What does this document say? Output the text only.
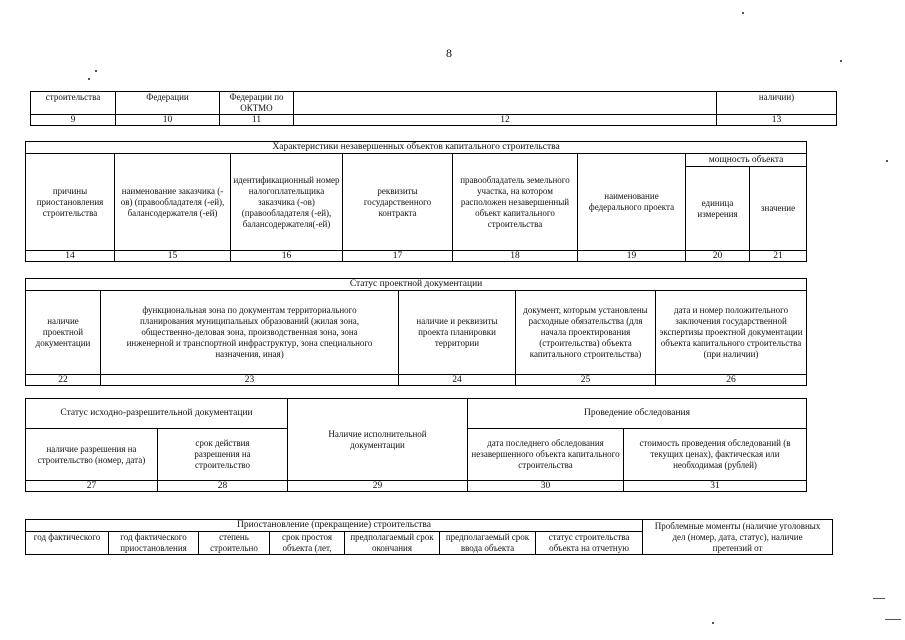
8
строительства	Федерации	Федерации по ОКТМО		наличии)
9	10	11	12	13
Характеристики незавершенных объектов капитального строительства							
причины приостановления строительства	наименование заказчика (-ов) (правообладателя (-ей), балансодержателя (-ей)	идентификационный номер налогоплательщика заказчика (-ов) (правообладателя (-ей), балансодержателя(-ей)	реквизиты государственного контракта	правообладатель земельного участка, на котором расположен незавершенный объект капитального строительства	наименование федерального проекта	мощность объекта	
						единица измерения	значение
14	15	16	17	18	19	20	21
Статус проектной документации				
наличие проектной документации	функциональная зона по документам территориального планирования муниципальных образований (жилая зона, общественно-деловая зона, производственная зона, зона инженерной и транспортной инфраструктур, зона специального назначения, иная)	наличие и реквизиты проекта планировки территории	документ, которым установлены расходные обязательства (для начала проектирования (строительства) объекта капитального строительства)	дата и номер положительного заключения государственной экспертизы проектной документации объекта капитального строительства (при наличии)
22	23	24	25	26
Статус исходно-разрешительной документации		Наличие исполнительной документации	Проведение обследования	
наличие разрешения на строительство (номер, дата)	срок действия разрешения на строительство		дата последнего обследования незавершенного объекта капитального строительства	стоимость проведения обследований (в текущих ценах), фактическая или необходимая (рублей)
27	28	29	30	31
Приостановление (прекращение) строительства							Проблемные моменты (наличие уголовных дел (номер, дата, статус), наличие претензий от
год фактического	год фактического приостановления	степень строительно	срок простоя объекта (лет,	предполагаемый срок окончания	предполагаемый срок ввода объекта	статус строительства объекта на отчетную	
